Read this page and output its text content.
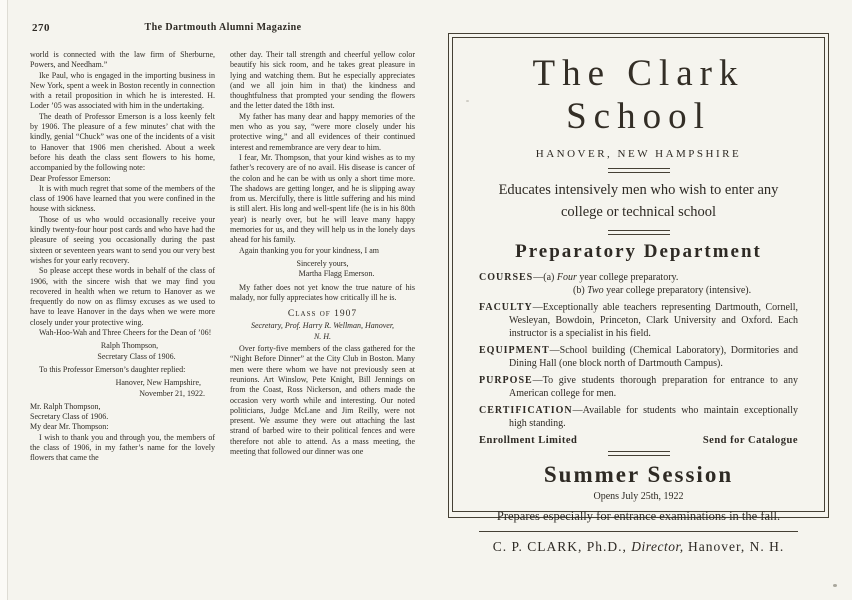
270	The Dartmouth Alumni Magazine

world is connected with the law firm of Sherburne, Powers, and Needham.”

Ike Paul, who is engaged in the importing business in New York, spent a week in Boston recently in connection with a retail proposition in which he is interested. H. Loder ’05 was associated with him in the undertaking.

The death of Professor Emerson is a loss keenly felt by 1906. The pleasure of a few minutes’ chat with the kindly, genial “Chuck” was one of the incidents of a visit to Hanover that 1906 men cherished. About a week before his death the class sent flowers to his home, accompanied by the following note:

Dear Professor Emerson:

It is with much regret that some of the members of the class of 1906 have learned that you were confined in the house with sickness.

Those of us who would occasionally receive your kindly twenty-four hour post cards and who have had the pleasure of seeing you occasionally during the past sixteen or seventeen years want to send you our very best wishes for your early recovery.

So please accept these words in behalf of the class of 1906, with the sincere wish that we may find you recovered in health when we return to Hanover as we frequently do now on as flimsy excuses as we used to have to leave Hanover in the days when we were more closely under your protective wing.

Wah-Hoo-Wah and Three Cheers for the Dean of ’06!

Ralph Thompson,

Secretary Class of 1906.

To this Professor Emerson’s daughter replied:

Hanover, New Hampshire,

November 21, 1922.

Mr. Ralph Thompson,

Secretary Class of 1906.

My dear Mr. Thompson:

I wish to thank you and through you, the members of the class of 1906, in my father’s name for the lovely flowers that came the

other day. Their tall strength and cheerful yellow color beautify his sick room, and he takes great pleasure in lying and watching them. But he especially appreciates (and we all join him in that) the kindness and thoughtfulness that prompted your sending the flowers and the letter dated the 18th inst.

My father has many dear and happy memories of the men who as you say, “were more closely under his protective wing,” and all evidences of their continued interest and remembrance are very dear to him.

I fear, Mr. Thompson, that your kind wishes as to my father’s recovery are of no avail. His disease is cancer of the colon and he can be with us only a short time more. The shadows are getting longer, and he is slipping away from us. Mercifully, there is little suffering and his mind is still alert. His long and well-spent life (he is in his 80th year) is nearly over, but he will leave many happy memories for us, and they will help us in the lonely days ahead for his family.

Again thanking you for your kindness, I am

Sincerely yours,

Martha Flagg Emerson.

My father does not yet know the true nature of his malady, nor fully appreciates how critically ill he is.

Class of 1907

Secretary, Prof. Harry R. Wellman, Hanover, N. H.

Over forty-five members of the class gathered for the “Night Before Dinner” at the City Club in Boston. Many men were there whom we have not previously seen at reunions. Art Winslow, Pete Knight, Bill Jennings on from the Coast, Ross Nickerson, and others made the occasion very worth while and interesting. Our noted politicians, Judge McLane and Jim Reilly, were not present. We assume they were out attaching the last strand of barbed wire to their political fences and were therefore not able to attend. As a mass meeting, the meeting that followed our dinner was one

The Clark School
HANOVER, NEW HAMPSHIRE
Educates intensively men who wish to enter any
college or technical school
Preparatory Department
COURSES—(a) Four year college preparatory.
(b) Two year college preparatory (intensive).
FACULTY—Exceptionally able teachers representing Dartmouth, Cornell, Wesleyan, Bowdoin, Princeton, Clark University and Oxford. Each instructor is a specialist in his field.
EQUIPMENT—School building (Chemical Laboratory), Dormitories and Dining Hall (one block north of Dartmouth Campus).
PURPOSE—To give students thorough preparation for entrance to any American college for men.
CERTIFICATION—Available for students who maintain exceptionally high standing.
Enrollment Limited	Send for Catalogue
Summer Session
Opens July 25th, 1922
Prepares especially for entrance examinations in the fall.
C. P. CLARK, Ph.D., Director, Hanover, N. H.
